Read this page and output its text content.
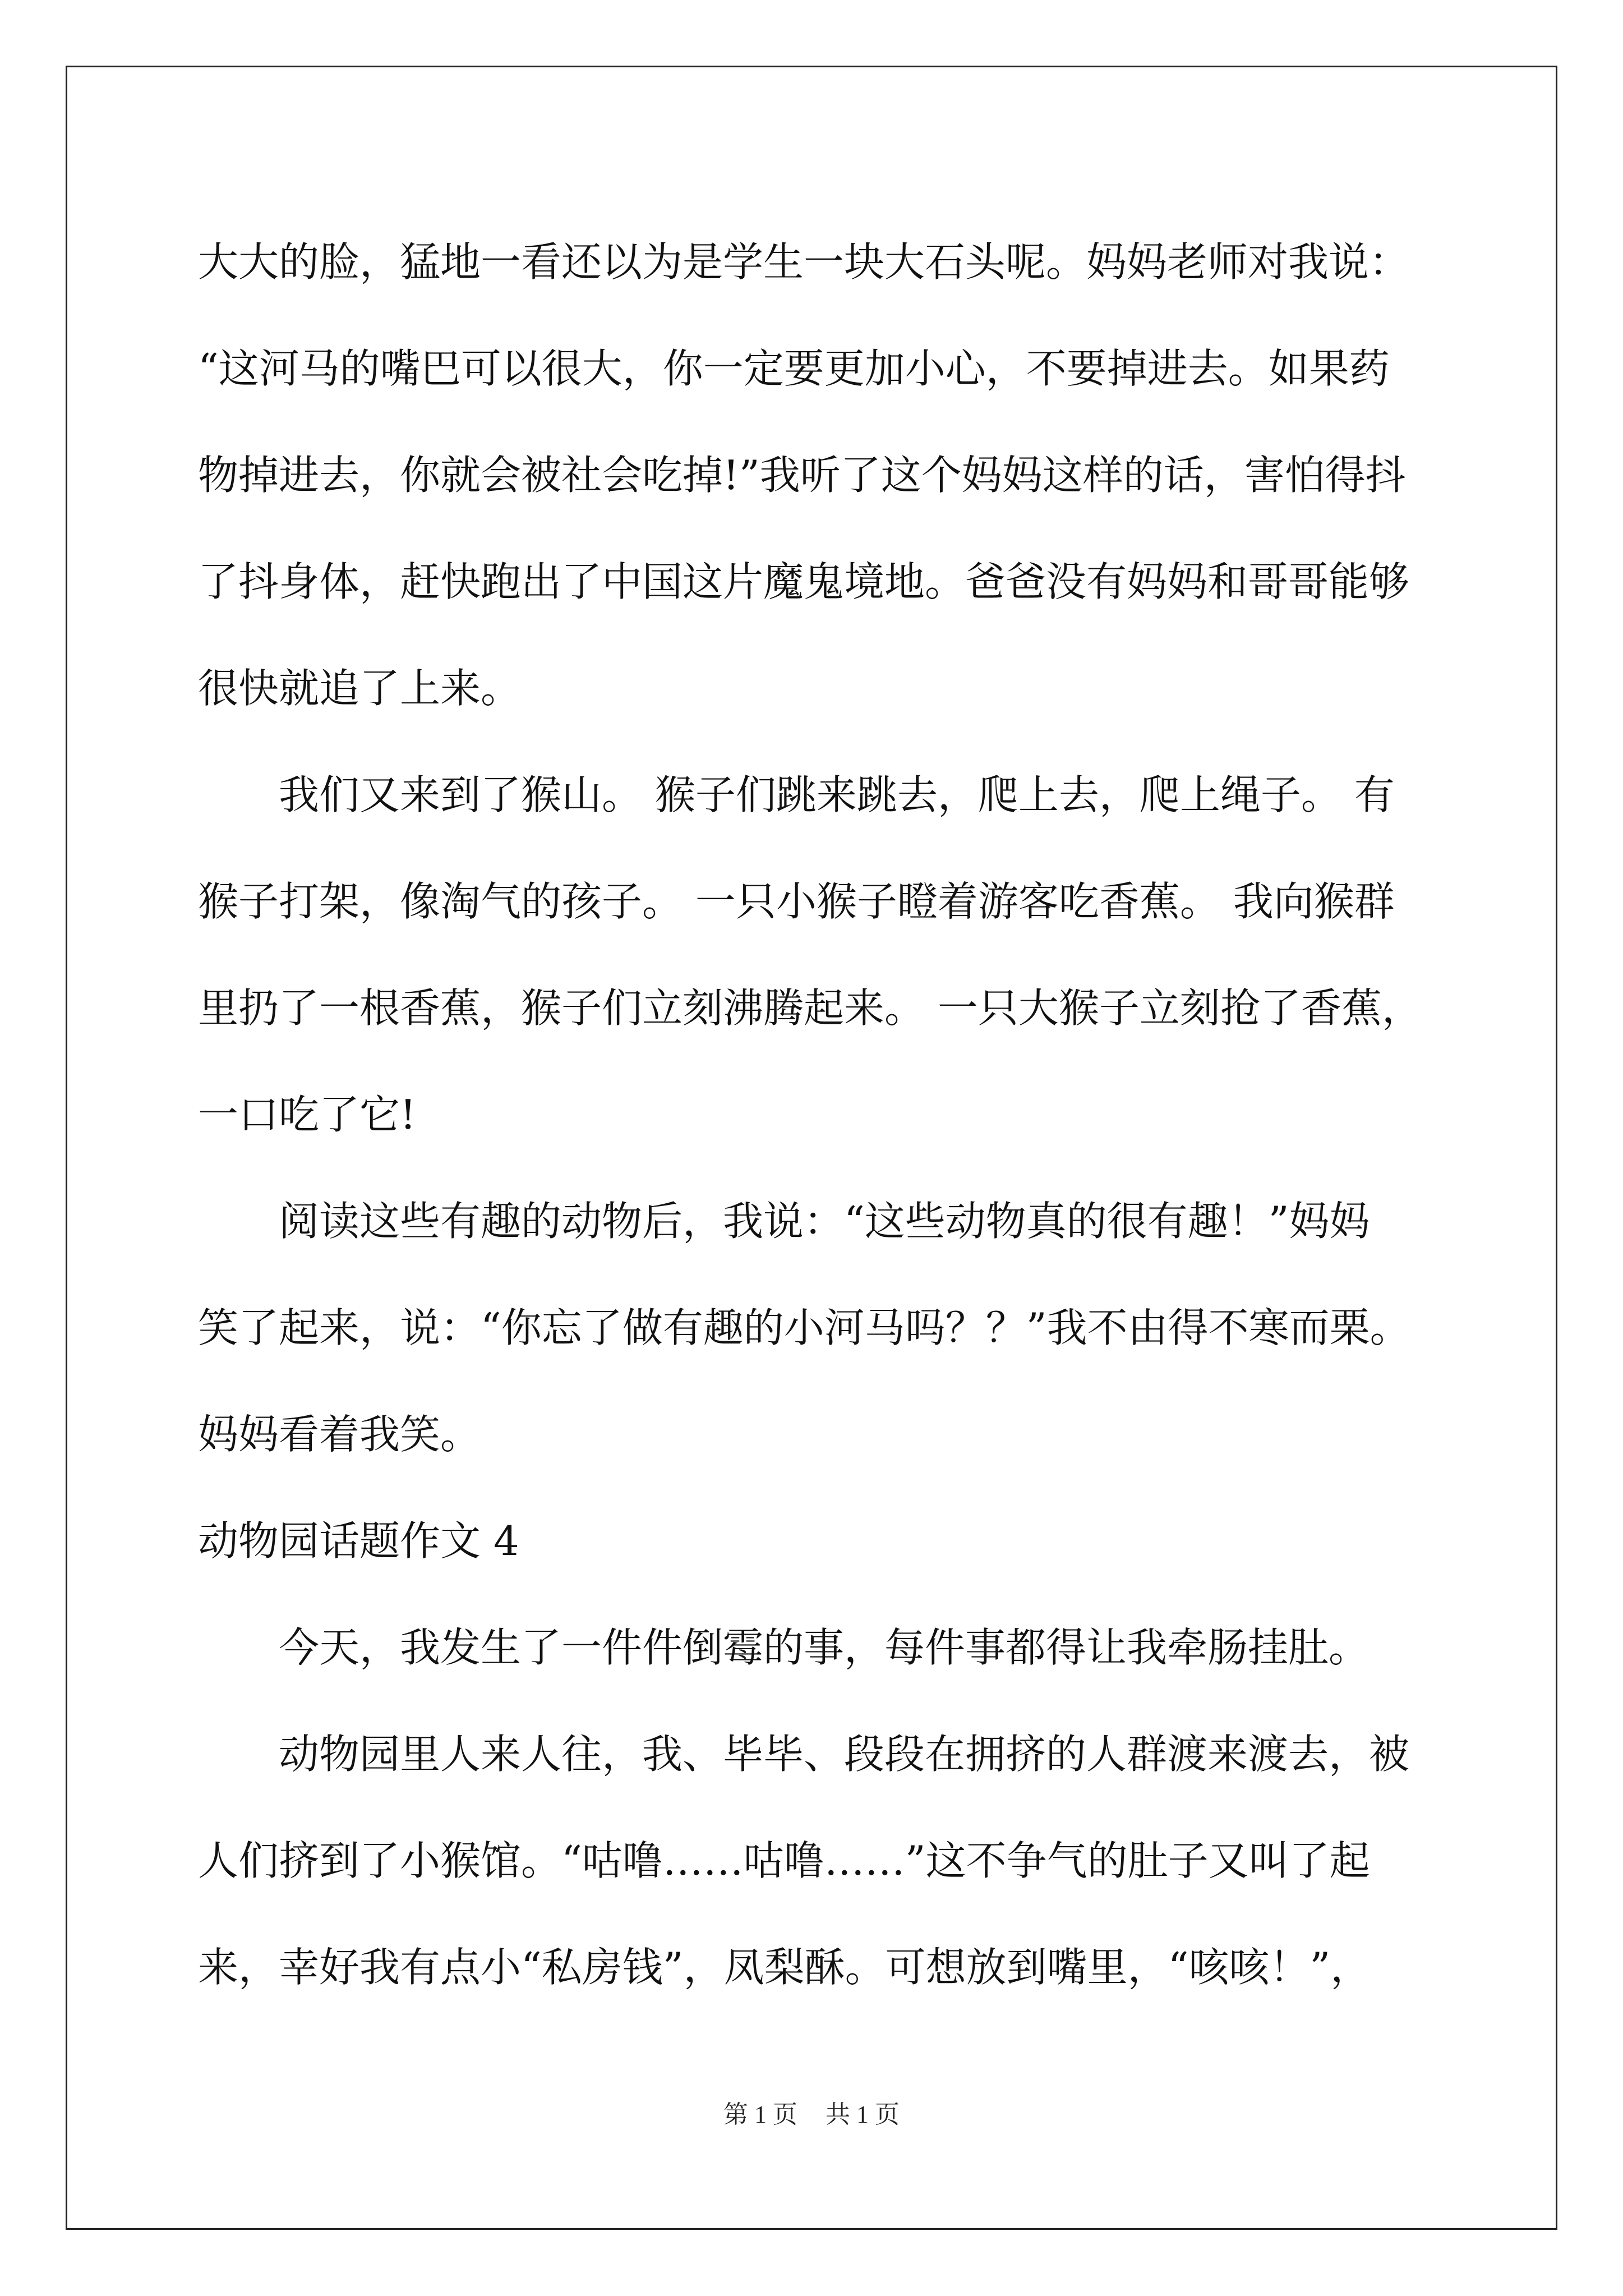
大大的脸，猛地一看还以为是学生一块大石头呢。妈妈老师对我说：
“这河马的嘴巴可以很大，你一定要更加小心，不要掉进去。如果药
物掉进去，你就会被社会吃掉!”我听了这个妈妈这样的话，害怕得抖
了抖身体，赶快跑出了中国这片魔鬼境地。爸爸没有妈妈和哥哥能够
很快就追了上来。
我们又来到了猴山。 猴子们跳来跳去，爬上去，爬上绳子。 有
猴子打架，像淘气的孩子。 一只小猴子瞪着游客吃香蕉。 我向猴群
里扔了一根香蕉，猴子们立刻沸腾起来。 一只大猴子立刻抢了香蕉，
一口吃了它!
阅读这些有趣的动物后，我说：“这些动物真的很有趣！”妈妈
笑了起来，说：“你忘了做有趣的小河马吗？？”我不由得不寒而栗。
妈妈看着我笑。
动物园话题作文 4
今天，我发生了一件件倒霉的事，每件事都得让我牵肠挂肚。
动物园里人来人往，我、毕毕、段段在拥挤的人群渡来渡去，被
人们挤到了小猴馆。“咕噜……咕噜……”这不争气的肚子又叫了起
来，幸好我有点小“私房钱”，凤梨酥。可想放到嘴里，“咳咳！”，
第 1 页 共 1 页
